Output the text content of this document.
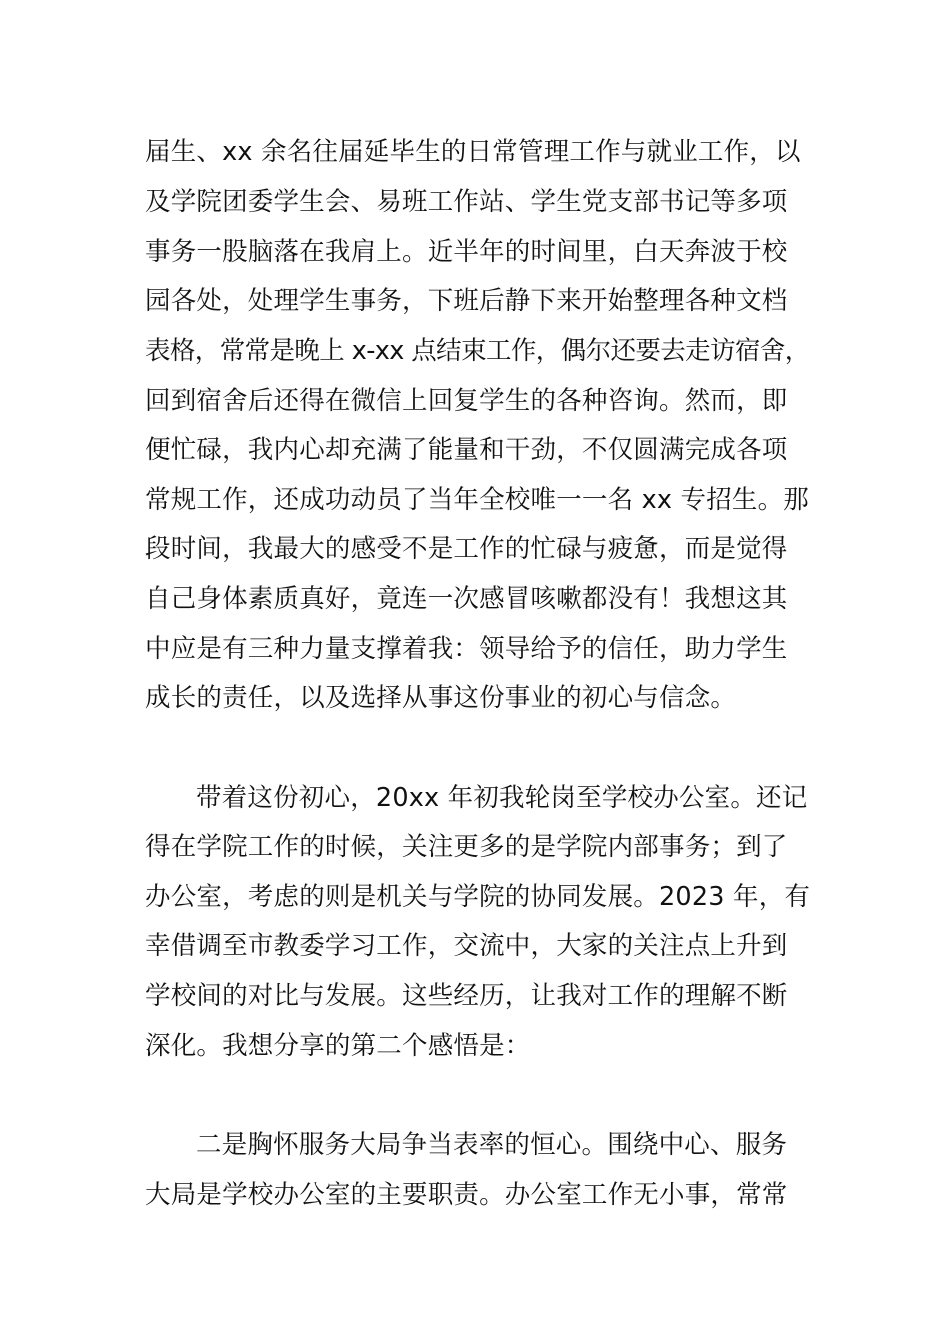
届生、xx 余名往届延毕生的日常管理工作与就业工作，以
及学院团委学生会、易班工作站、学生党支部书记等多项
事务一股脑落在我肩上。近半年的时间里，白天奔波于校
园各处，处理学生事务，下班后静下来开始整理各种文档
表格，常常是晚上 x-xx 点结束工作，偶尔还要去走访宿舍，
回到宿舍后还得在微信上回复学生的各种咨询。然而，即
便忙碌，我内心却充满了能量和干劲，不仅圆满完成各项
常规工作，还成功动员了当年全校唯一一名 xx 专招生。那
段时间，我最大的感受不是工作的忙碌与疲惫，而是觉得
自己身体素质真好，竟连一次感冒咳嗽都没有！我想这其
中应是有三种力量支撑着我：领导给予的信任，助力学生
成长的责任，以及选择从事这份事业的初心与信念。
带着这份初心，20xx 年初我轮岗至学校办公室。还记
得在学院工作的时候，关注更多的是学院内部事务；到了
办公室，考虑的则是机关与学院的协同发展。2023 年，有
幸借调至市教委学习工作，交流中，大家的关注点上升到
学校间的对比与发展。这些经历，让我对工作的理解不断
深化。我想分享的第二个感悟是：
二是胸怀服务大局争当表率的恒心。围绕中心、服务
大局是学校办公室的主要职责。办公室工作无小事，常常
